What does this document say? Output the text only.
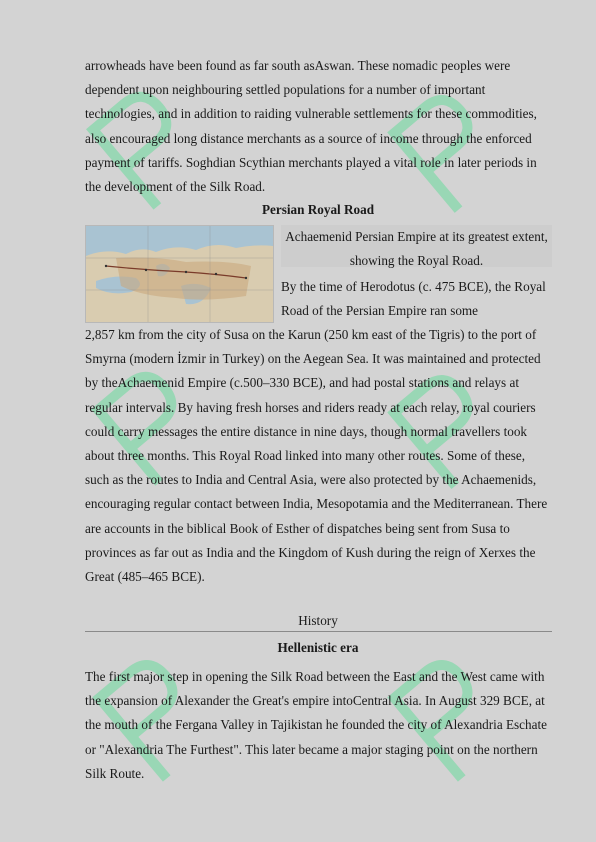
arrowheads have been found as far south asAswan. These nomadic peoples were dependent upon neighbouring settled populations for a number of important technologies, and in addition to raiding vulnerable settlements for these commodities, also encouraged long distance merchants as a source of income through the enforced payment of tariffs. Soghdian Scythian merchants played a vital role in later periods in the development of the Silk Road.

Persian Royal Road
Achaemenid Persian Empire at its greatest extent, showing the Royal Road.

By the time of Herodotus (c. 475 BCE), the Royal Road of the Persian Empire ran some

2,857 km from the city of Susa on the Karun (250 km east of the Tigris) to the port of Smyrna (modern İzmir in Turkey) on the Aegean Sea. It was maintained and protected by theAchaemenid Empire (c.500–330 BCE), and had postal stations and relays at regular intervals. By having fresh horses and riders ready at each relay, royal couriers could carry messages the entire distance in nine days, though normal travellers took about three months. This Royal Road linked into many other routes. Some of these, such as the routes to India and Central Asia, were also protected by the Achaemenids, encouraging regular contact between India, Mesopotamia and the Mediterranean. There are accounts in the biblical Book of Esther of dispatches being sent from Susa to provinces as far out as India and the Kingdom of Kush during the reign of Xerxes the Great (485–465 BCE).

History
Hellenistic era

The first major step in opening the Silk Road between the East and the West came with the expansion of Alexander the Great's empire intoCentral Asia. In August 329 BCE, at the mouth of the Fergana Valley in Tajikistan he founded the city of Alexandria Eschate or "Alexandria The Furthest". This later became a major staging point on the northern Silk Route.
